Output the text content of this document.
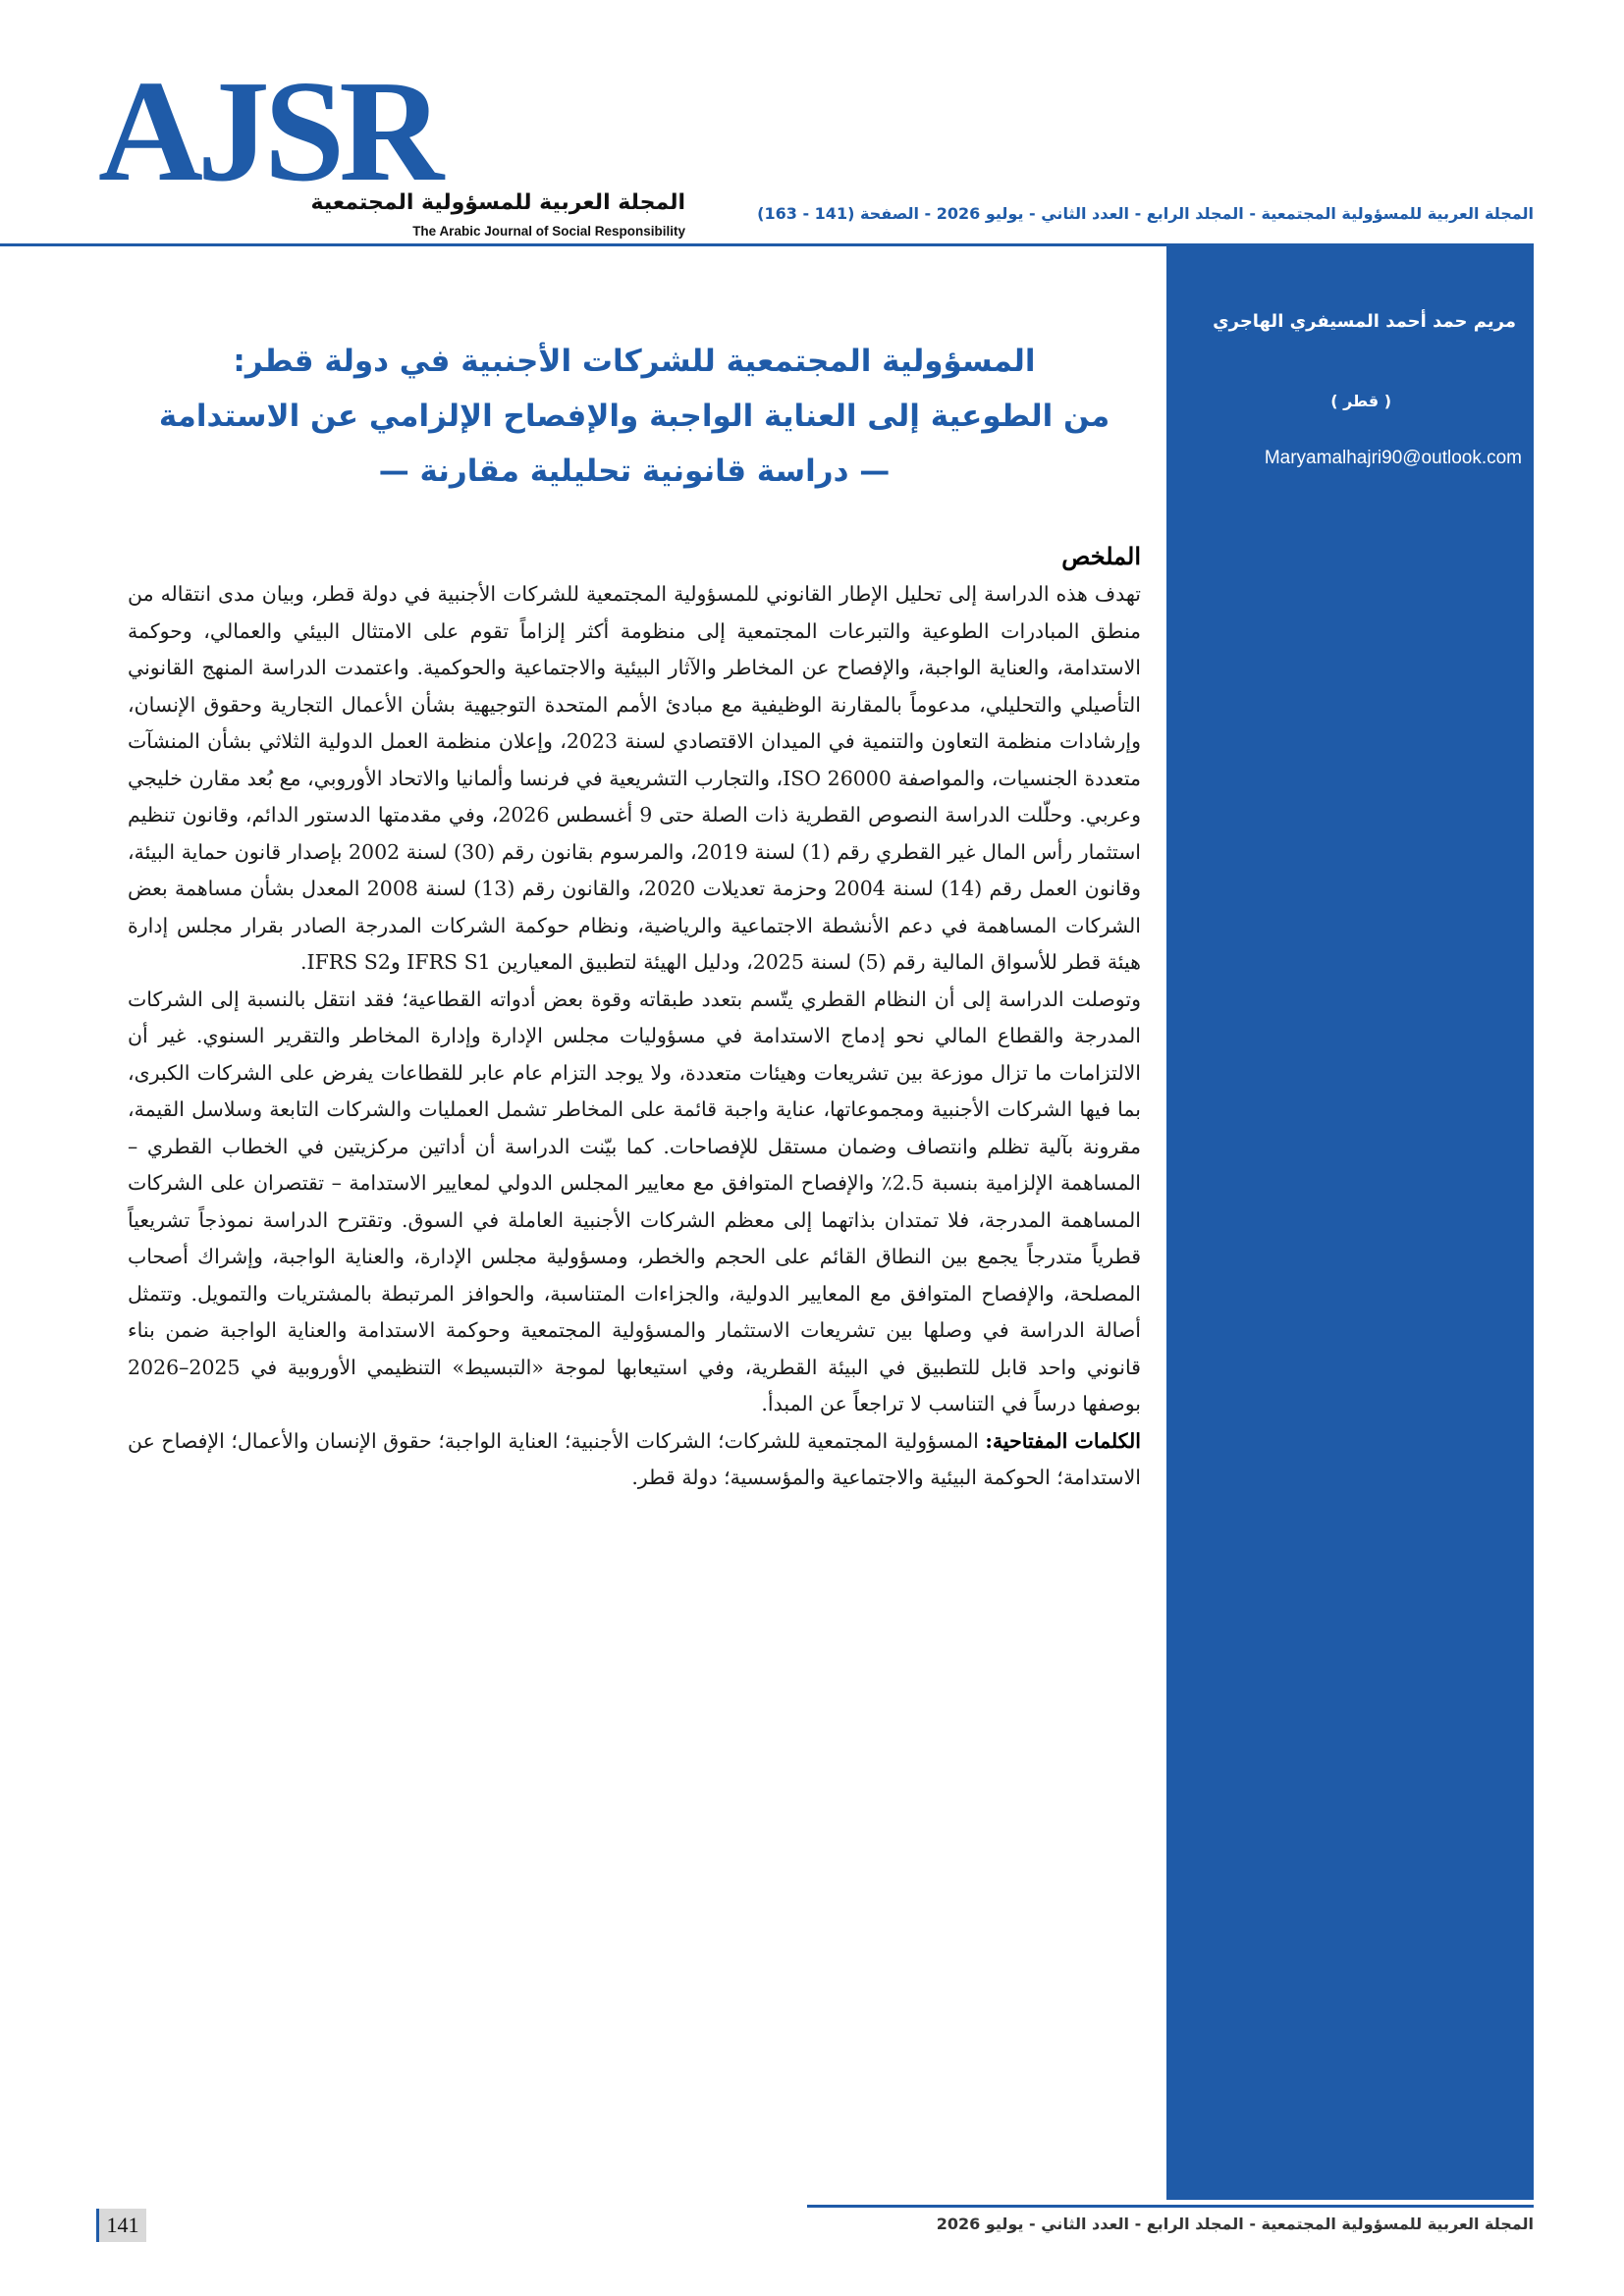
AJSR
المجلة العربية للمسؤولية المجتمعية
The Arabic Journal of Social Responsibility
المجلة العربية للمسؤولية المجتمعية - المجلد الرابع - العدد الثاني - يوليو 2026 - الصفحة (141 - 163)
مريم حمد أحمد المسيفري الهاجري
( قطر )
Maryamalhajri90@outlook.com
المسؤولية المجتمعية للشركات الأجنبية في دولة قطر:
من الطوعية إلى العناية الواجبة والإفصاح الإلزامي عن الاستدامة
— دراسة قانونية تحليلية مقارنة —
الملخص

تهدف هذه الدراسة إلى تحليل الإطار القانوني للمسؤولية المجتمعية للشركات الأجنبية في دولة قطر، وبيان مدى انتقاله من منطق المبادرات الطوعية والتبرعات المجتمعية إلى منظومة أكثر إلزاماً تقوم على الامتثال البيئي والعمالي، وحوكمة الاستدامة، والعناية الواجبة، والإفصاح عن المخاطر والآثار البيئية والاجتماعية والحوكمية. واعتمدت الدراسة المنهج القانوني التأصيلي والتحليلي، مدعوماً بالمقارنة الوظيفية مع مبادئ الأمم المتحدة التوجيهية بشأن الأعمال التجارية وحقوق الإنسان، وإرشادات منظمة التعاون والتنمية في الميدان الاقتصادي لسنة 2023، وإعلان منظمة العمل الدولية الثلاثي بشأن المنشآت متعددة الجنسيات، والمواصفة ISO 26000، والتجارب التشريعية في فرنسا وألمانيا والاتحاد الأوروبي، مع بُعد مقارن خليجي وعربي. وحلّلت الدراسة النصوص القطرية ذات الصلة حتى 9 أغسطس 2026، وفي مقدمتها الدستور الدائم، وقانون تنظيم استثمار رأس المال غير القطري رقم (1) لسنة 2019، والمرسوم بقانون رقم (30) لسنة 2002 بإصدار قانون حماية البيئة، وقانون العمل رقم (14) لسنة 2004 وحزمة تعديلات 2020، والقانون رقم (13) لسنة 2008 المعدل بشأن مساهمة بعض الشركات المساهمة في دعم الأنشطة الاجتماعية والرياضية، ونظام حوكمة الشركات المدرجة الصادر بقرار مجلس إدارة هيئة قطر للأسواق المالية رقم (5) لسنة 2025، ودليل الهيئة لتطبيق المعيارين IFRS S1 وIFRS S2.

وتوصلت الدراسة إلى أن النظام القطري يتّسم بتعدد طبقاته وقوة بعض أدواته القطاعية؛ فقد انتقل بالنسبة إلى الشركات المدرجة والقطاع المالي نحو إدماج الاستدامة في مسؤوليات مجلس الإدارة وإدارة المخاطر والتقرير السنوي. غير أن الالتزامات ما تزال موزعة بين تشريعات وهيئات متعددة، ولا يوجد التزام عام عابر للقطاعات يفرض على الشركات الكبرى، بما فيها الشركات الأجنبية ومجموعاتها، عناية واجبة قائمة على المخاطر تشمل العمليات والشركات التابعة وسلاسل القيمة، مقرونة بآلية تظلم وانتصاف وضمان مستقل للإفصاحات. كما بيّنت الدراسة أن أداتين مركزيتين في الخطاب القطري – المساهمة الإلزامية بنسبة 2.5٪ والإفصاح المتوافق مع معايير المجلس الدولي لمعايير الاستدامة – تقتصران على الشركات المساهمة المدرجة، فلا تمتدان بذاتهما إلى معظم الشركات الأجنبية العاملة في السوق. وتقترح الدراسة نموذجاً تشريعياً قطرياً متدرجاً يجمع بين النطاق القائم على الحجم والخطر، ومسؤولية مجلس الإدارة، والعناية الواجبة، وإشراك أصحاب المصلحة، والإفصاح المتوافق مع المعايير الدولية، والجزاءات المتناسبة، والحوافز المرتبطة بالمشتريات والتمويل. وتتمثل أصالة الدراسة في وصلها بين تشريعات الاستثمار والمسؤولية المجتمعية وحوكمة الاستدامة والعناية الواجبة ضمن بناء قانوني واحد قابل للتطبيق في البيئة القطرية، وفي استيعابها لموجة «التبسيط» التنظيمي الأوروبية في 2025–2026 بوصفها درساً في التناسب لا تراجعاً عن المبدأ.

الكلمات المفتاحية: المسؤولية المجتمعية للشركات؛ الشركات الأجنبية؛ العناية الواجبة؛ حقوق الإنسان والأعمال؛ الإفصاح عن الاستدامة؛ الحوكمة البيئية والاجتماعية والمؤسسية؛ دولة قطر.
المجلة العربية للمسؤولية المجتمعية - المجلد الرابع - العدد الثاني - يوليو 2026
141
